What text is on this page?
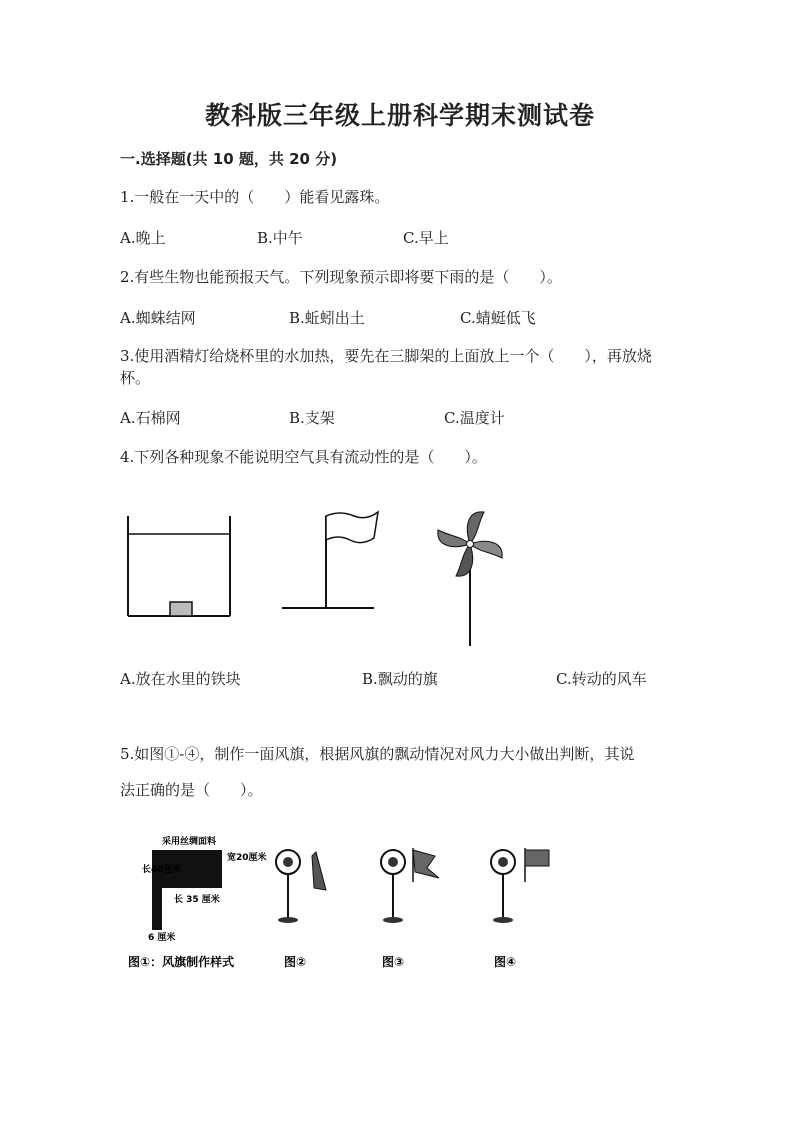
教科版三年级上册科学期末测试卷
一.选择题(共 10 题，共 20 分)
1.一般在一天中的（　　）能看见露珠。
A.晚上	B.中午	C.早上
2.有些生物也能预报天气。下列现象预示即将要下雨的是（　　）。
A.蜘蛛结网	B.蚯蚓出土	C.蜻蜓低飞
3.使用酒精灯给烧杯里的水加热，要先在三脚架的上面放上一个（　　），再放烧杯。
A.石棉网	B.支架	C.温度计
4.下列各种现象不能说明空气具有流动性的是（　　）。
A.放在水里的铁块	B.飘动的旗	C.转动的风车
5.如图①-④，制作一面风旗，根据风旗的飘动情况对风力大小做出判断，其说
法正确的是（　　）。
采用丝绸面料
宽20厘米
长40厘米
长 35 厘米
6 厘米
图①：风旗制作样式	图②	图③	图④
